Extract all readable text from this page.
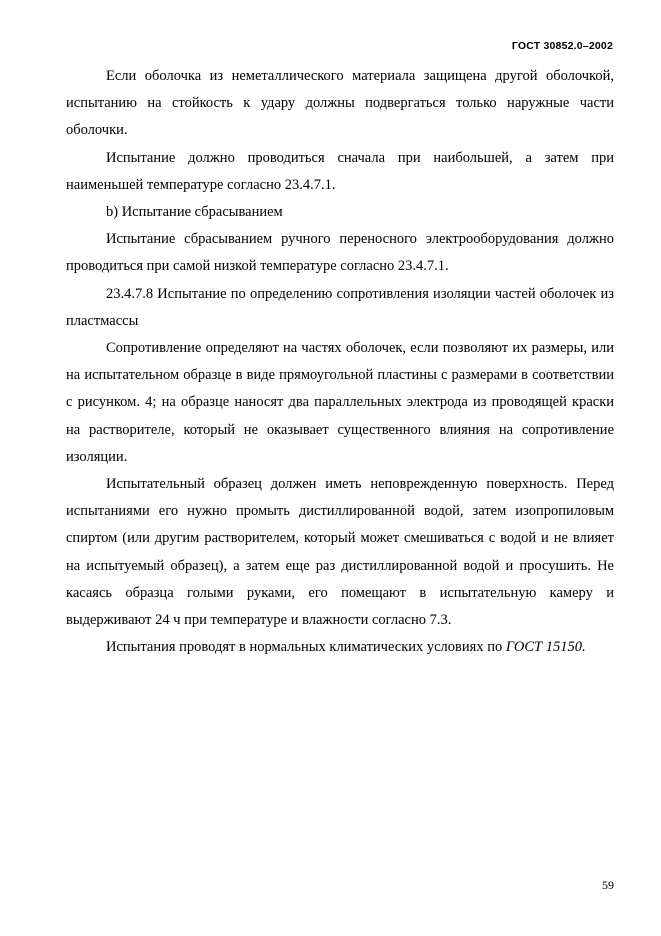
ГОСТ 30852.0–2002

Если оболочка из неметаллического материала защищена другой оболочкой, испытанию на стойкость к удару должны подвергаться только наружные части оболочки.

Испытание должно проводиться сначала при наибольшей, а затем при наименьшей температуре согласно 23.4.7.1.

b) Испытание сбрасыванием

Испытание сбрасыванием ручного переносного электрооборудования должно проводиться при самой низкой температуре согласно 23.4.7.1.

23.4.7.8 Испытание по определению сопротивления изоляции частей оболочек из пластмассы

Сопротивление определяют на частях оболочек, если позволяют их размеры, или на испытательном образце в виде прямоугольной пластины с размерами в соответствии с рисунком. 4; на образце наносят два параллельных электрода из проводящей краски на растворителе, который не оказывает существенного влияния на сопротивление изоляции.

Испытательный образец должен иметь неповрежденную поверхность. Перед испытаниями его нужно промыть дистиллированной водой, затем изопропиловым спиртом (или другим растворителем, который может смешиваться с водой и не влияет на испытуемый образец), а затем еще раз дистиллированной водой и просушить. Не касаясь образца голыми руками, его помещают в испытательную камеру и выдерживают 24 ч при температуре и влажности согласно 7.3.

Испытания проводят в нормальных климатических условиях по ГОСТ 15150.

59
